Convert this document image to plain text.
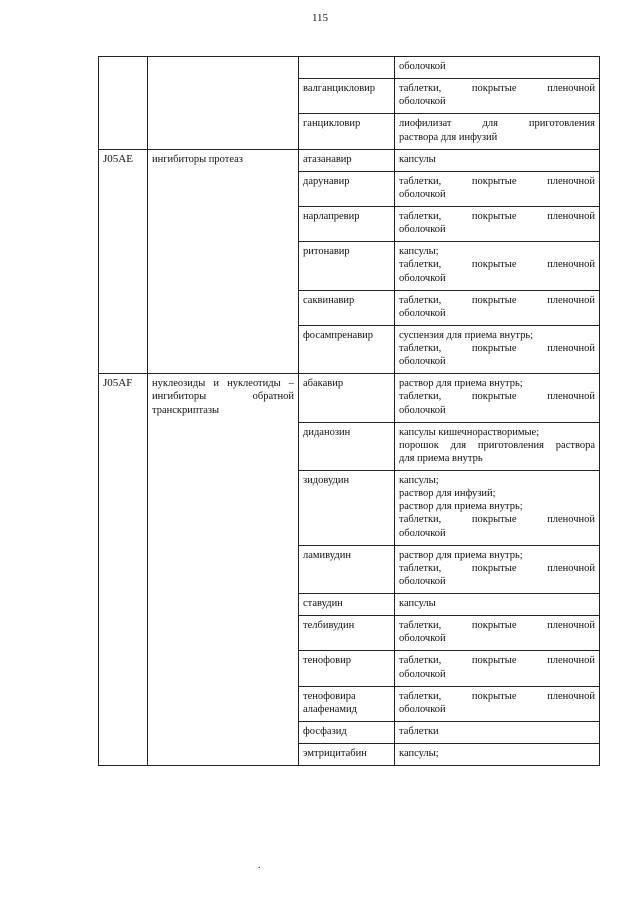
115

			оболочкой

		валганцикловир	таблетки, покрытые пленочной
оболочкой

		ганцикловир	лиофилизат для приготовления
раствора для инфузий

J05AE	ингибиторы протеаз	атазанавир	капсулы

		дарунавир	таблетки, покрытые пленочной
оболочкой

		нарлапревир	таблетки, покрытые пленочной
оболочкой

		ритонавир	капсулы;
таблетки, покрытые пленочной
оболочкой

		саквинавир	таблетки, покрытые пленочной
оболочкой

		фосампренавир	суспензия для приема внутрь;
таблетки, покрытые пленочной
оболочкой

J05AF	нуклеозиды и нуклеотиды – ингибиторы обратной транскриптазы	абакавир	раствор для приема внутрь;
таблетки, покрытые пленочной
оболочкой

		диданозин	капсулы кишечнорастворимые;
порошок для приготовления раствора
для приема внутрь

		зидовудин	капсулы;
раствор для инфузий;
раствор для приема внутрь;
таблетки, покрытые пленочной
оболочкой

		ламивудин	раствор для приема внутрь;
таблетки, покрытые пленочной
оболочкой

		ставудин	капсулы

		телбивудин	таблетки, покрытые пленочной
оболочкой

		тенофовир	таблетки, покрытые пленочной
оболочкой

		тенофовира алафенамид	таблетки, покрытые пленочной
оболочкой

		фосфазид	таблетки

		эмтрицитабин	капсулы;
.
